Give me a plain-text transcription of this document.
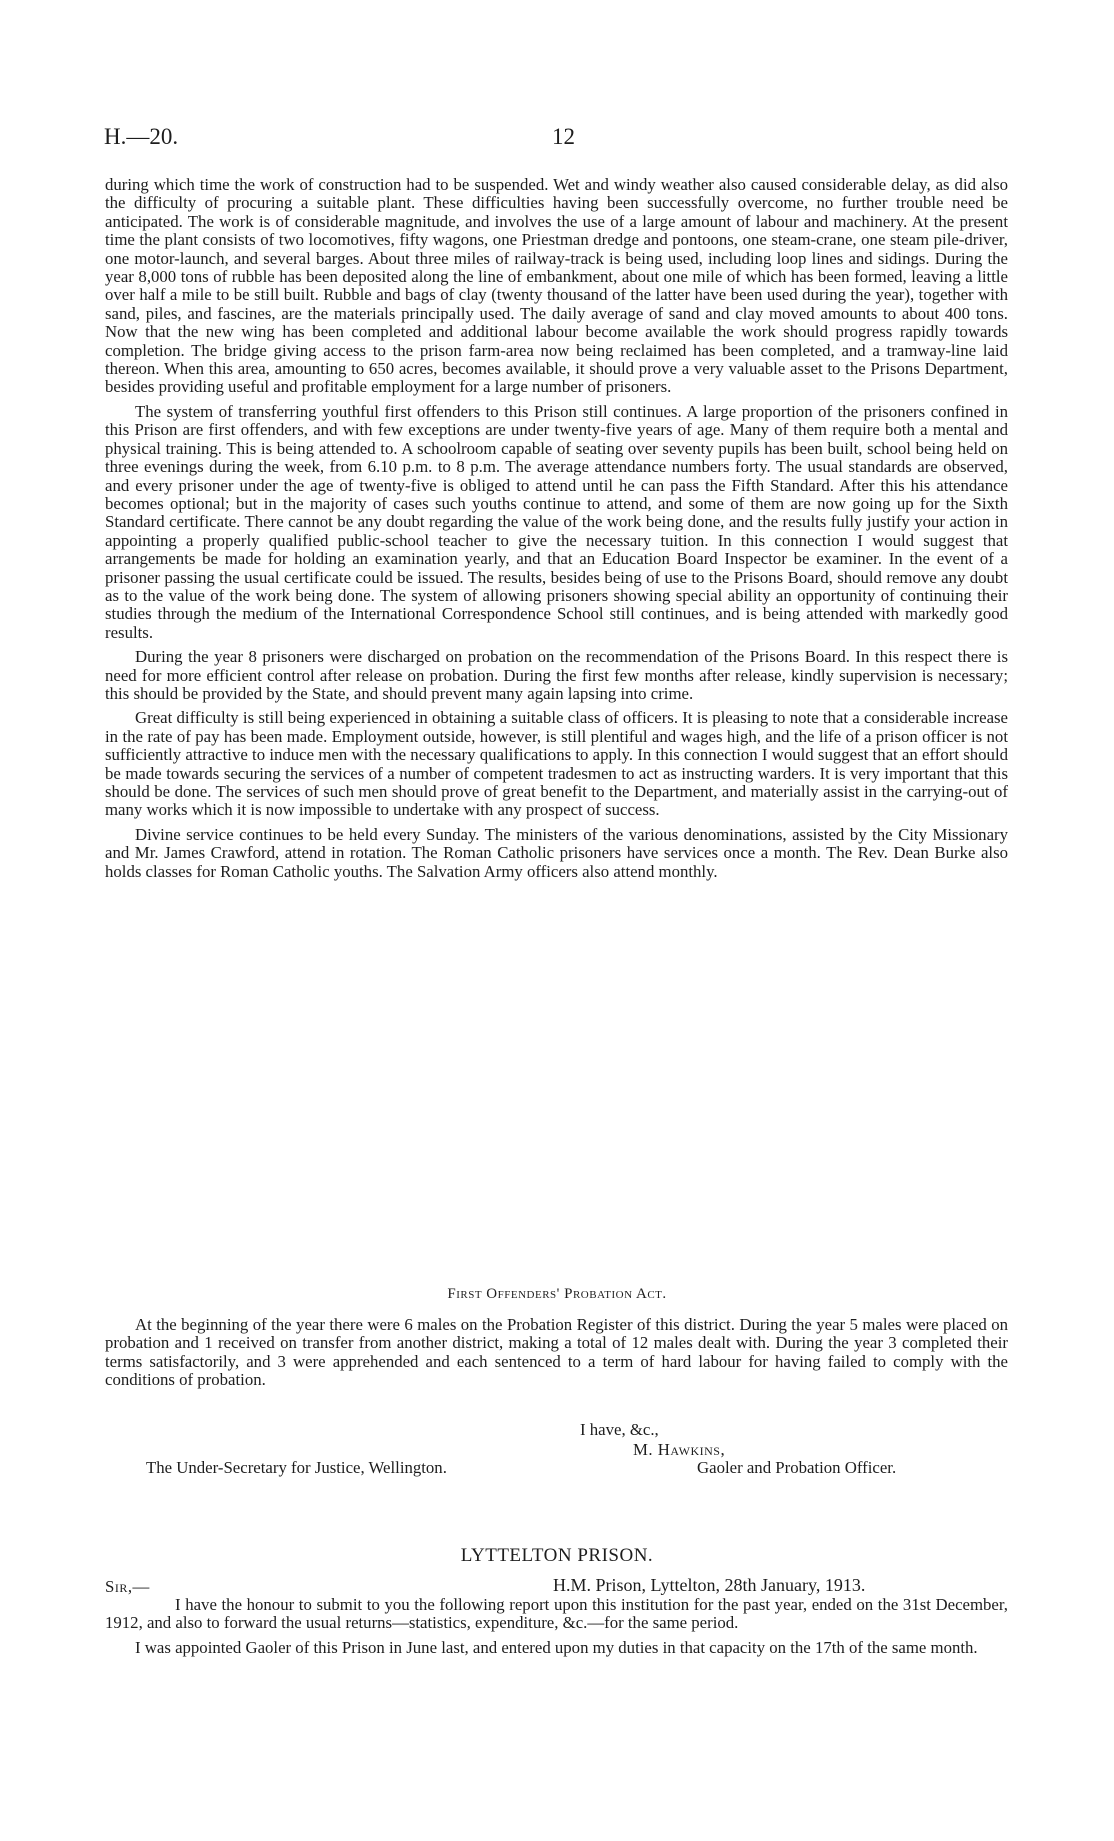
H.—20.	12

during which time the work of construction had to be suspended. Wet and windy weather also caused considerable delay, as did also the difficulty of procuring a suitable plant. These difficulties having been successfully overcome, no further trouble need be anticipated. The work is of considerable magnitude, and involves the use of a large amount of labour and machinery. At the present time the plant consists of two locomotives, fifty wagons, one Priestman dredge and pontoons, one steam-crane, one steam pile-driver, one motor-launch, and several barges. About three miles of railway-track is being used, including loop lines and sidings. During the year 8,000 tons of rubble has been deposited along the line of embankment, about one mile of which has been formed, leaving a little over half a mile to be still built. Rubble and bags of clay (twenty thousand of the latter have been used during the year), together with sand, piles, and fascines, are the materials principally used. The daily average of sand and clay moved amounts to about 400 tons. Now that the new wing has been completed and additional labour become available the work should progress rapidly towards completion. The bridge giving access to the prison farm-area now being reclaimed has been completed, and a tramway-line laid thereon. When this area, amounting to 650 acres, becomes available, it should prove a very valuable asset to the Prisons Department, besides providing useful and profitable employment for a large number of prisoners.

The system of transferring youthful first offenders to this Prison still continues. A large proportion of the prisoners confined in this Prison are first offenders, and with few exceptions are under twenty-five years of age. Many of them require both a mental and physical training. This is being attended to. A schoolroom capable of seating over seventy pupils has been built, school being held on three evenings during the week, from 6.10 p.m. to 8 p.m. The average attendance numbers forty. The usual standards are observed, and every prisoner under the age of twenty-five is obliged to attend until he can pass the Fifth Standard. After this his attendance becomes optional; but in the majority of cases such youths continue to attend, and some of them are now going up for the Sixth Standard certificate. There cannot be any doubt regarding the value of the work being done, and the results fully justify your action in appointing a properly qualified public-school teacher to give the necessary tuition. In this connection I would suggest that arrangements be made for holding an examination yearly, and that an Education Board Inspector be examiner. In the event of a prisoner passing the usual certificate could be issued. The results, besides being of use to the Prisons Board, should remove any doubt as to the value of the work being done. The system of allowing prisoners showing special ability an opportunity of continuing their studies through the medium of the International Correspondence School still continues, and is being attended with markedly good results.

During the year 8 prisoners were discharged on probation on the recommendation of the Prisons Board. In this respect there is need for more efficient control after release on probation. During the first few months after release, kindly supervision is necessary; this should be provided by the State, and should prevent many again lapsing into crime.

Great difficulty is still being experienced in obtaining a suitable class of officers. It is pleasing to note that a considerable increase in the rate of pay has been made. Employment outside, however, is still plentiful and wages high, and the life of a prison officer is not sufficiently attractive to induce men with the necessary qualifications to apply. In this connection I would suggest that an effort should be made towards securing the services of a number of competent tradesmen to act as instructing warders. It is very important that this should be done. The services of such men should prove of great benefit to the Department, and materially assist in the carrying-out of many works which it is now impossible to undertake with any prospect of success.

Divine service continues to be held every Sunday. The ministers of the various denominations, assisted by the City Missionary and Mr. James Crawford, attend in rotation. The Roman Catholic prisoners have services once a month. The Rev. Dean Burke also holds classes for Roman Catholic youths. The Salvation Army officers also attend monthly.

First Offenders' Probation Act.

At the beginning of the year there were 6 males on the Probation Register of this district. During the year 5 males were placed on probation and 1 received on transfer from another district, making a total of 12 males dealt with. During the year 3 completed their terms satisfactorily, and 3 were apprehended and each sentenced to a term of hard labour for having failed to comply with the conditions of probation.

I have, &c.,
M. Hawkins,
The Under-Secretary for Justice, Wellington.	Gaoler and Probation Officer.
LYTTELTON PRISON.
Sir,—	H.M. Prison, Lyttelton, 28th January, 1913.

I have the honour to submit to you the following report upon this institution for the past year, ended on the 31st December, 1912, and also to forward the usual returns—statistics, expenditure, &c.—for the same period.

I was appointed Gaoler of this Prison in June last, and entered upon my duties in that capacity on the 17th of the same month.
